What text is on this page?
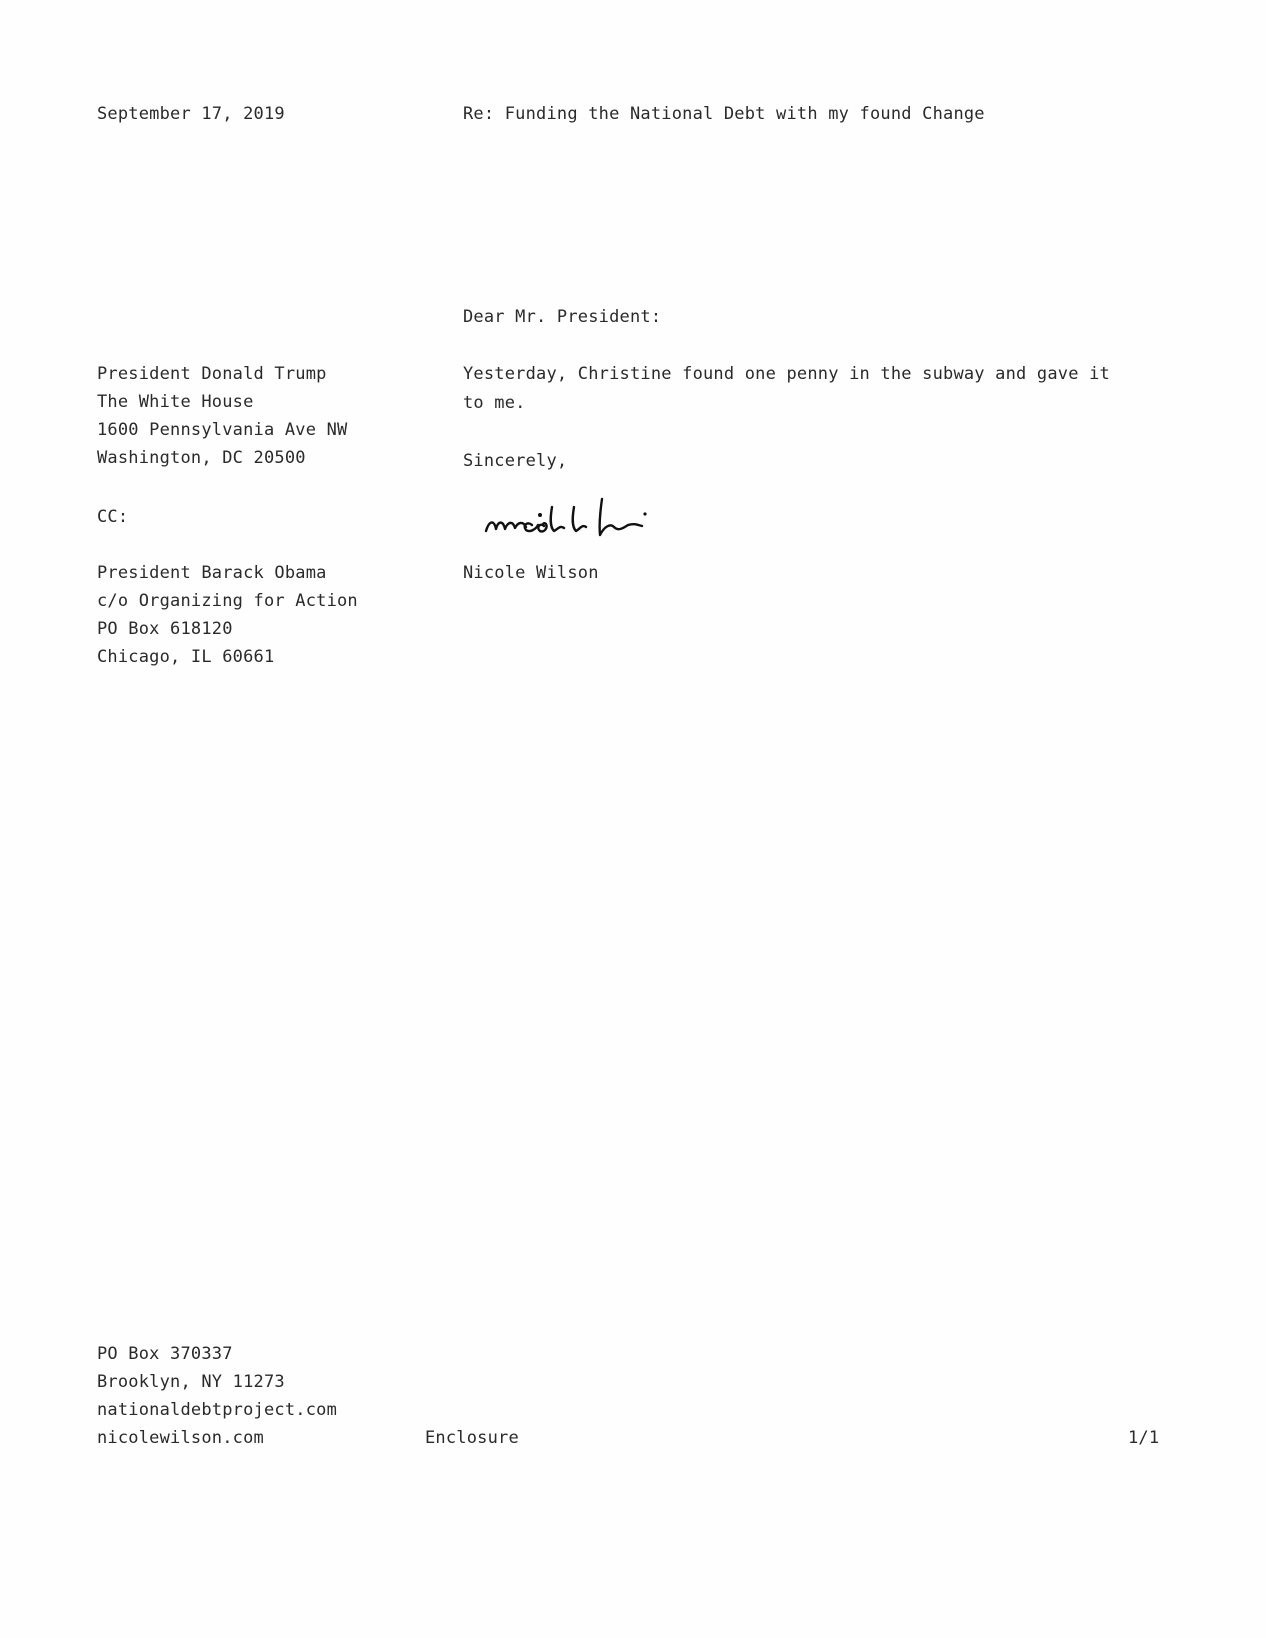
September 17, 2019	Re: Funding the National Debt with my found Change
Dear Mr. President:
President Donald Trump
The White House
1600 Pennsylvania Ave NW
Washington, DC 20500
Yesterday, Christine found one penny in the subway and gave it to me.
Sincerely,
Nicole Wilson
CC:
President Barack Obama
c/o Organizing for Action
PO Box 618120
Chicago, IL 60661
PO Box 370337
Brooklyn, NY 11273
nationaldebtproject.com
nicolewilson.com	Enclosure	1/1
